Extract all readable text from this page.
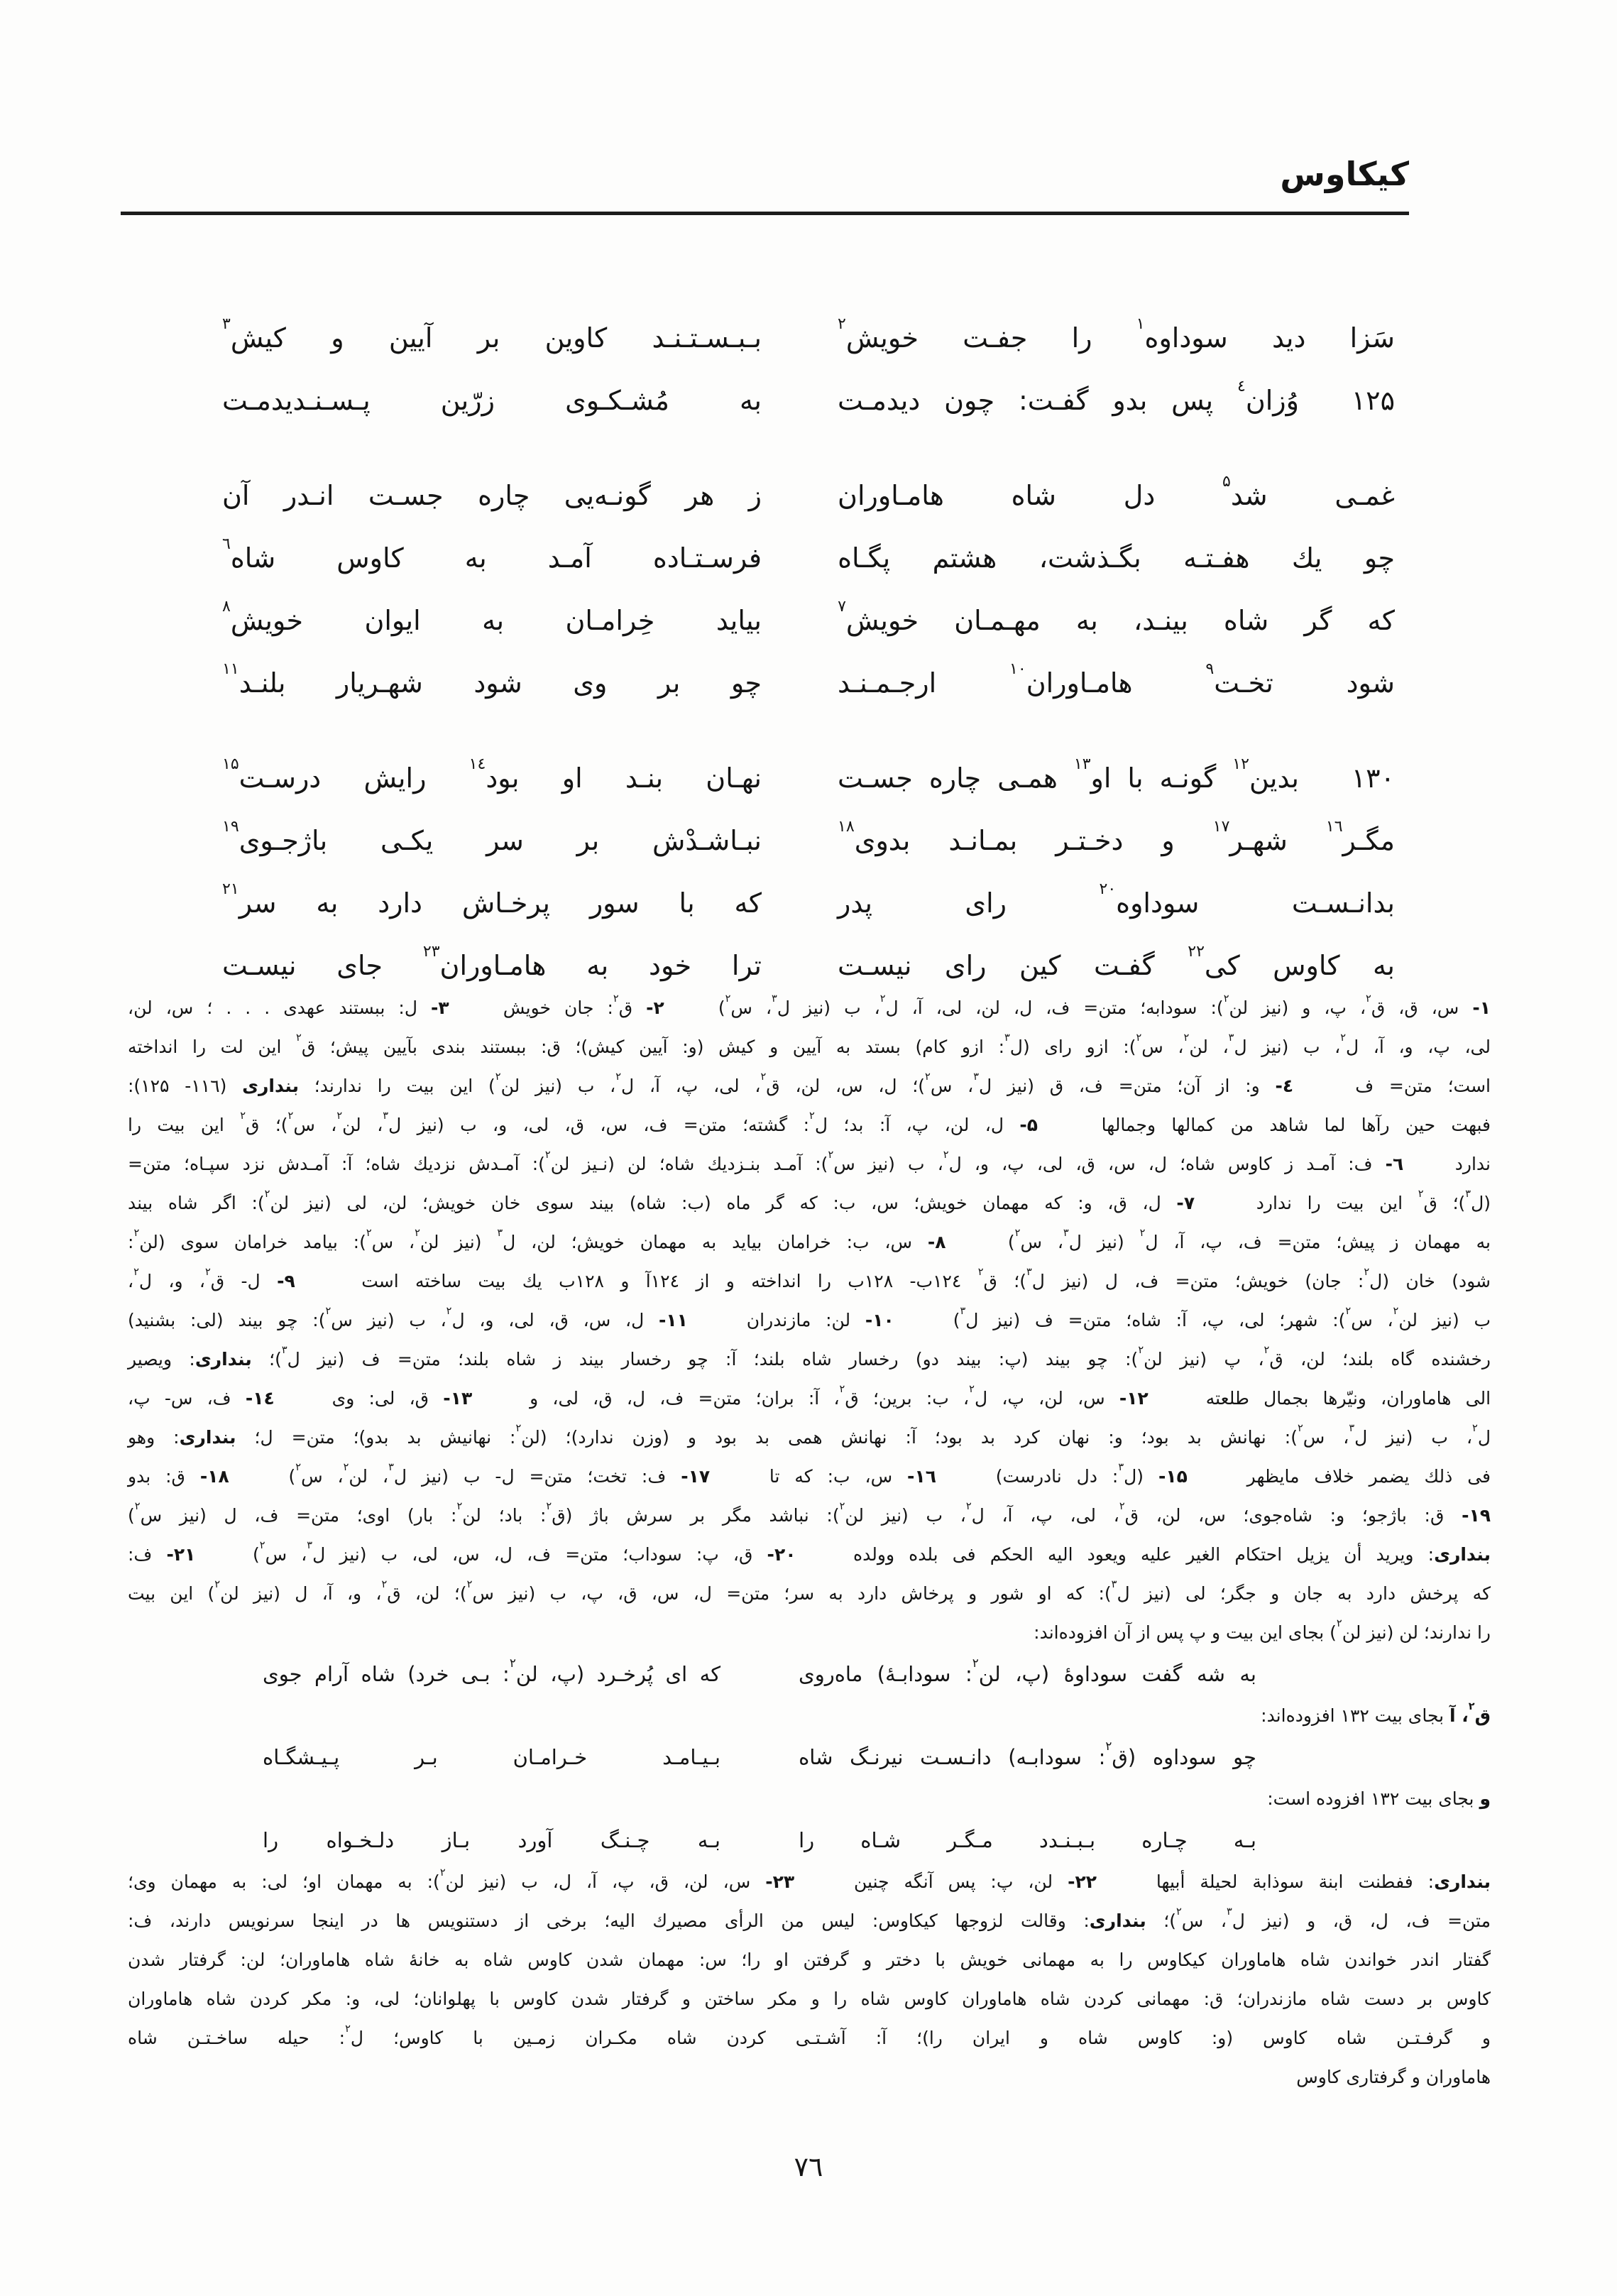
کیکاوس
سَزا
دید
سوداوه$^١$
را
جفـت
خویش$^٢$
بـبـسـتـنـد
کاوین
بر
آیین
و
کیش$^٣$
١٢۵
وُزان$^٤$
پس
بدو
گفـت:
چون
دیدمـت
به
مُشـکـوی
زرّین
پـسـنـدیدمـت
غمـی
شد$^۵$
دل
شاه
هامـاوران
ز
هر
گونـه‌یی
چاره
جسـت
انـدر
آن
چو
یك
هفـتـه
بگـذشت،
هشتم
پگـاه
فرسـتـاده
آمـد
به
کاوس
شاه$^٦$
که
گر
شاه
بینـد،
به
مهـمـان
خویش$^٧$
بیاید
خِرامـان
به
ایوان
خویش$^٨$
شود
تخـت$^٩$
هامـاوران$^{١٠}$
ارجـمـنـد
چو
بر
وی
شود
شهـریار
بلنـد$^{١١}$
١٣٠
بدین$^{١٢}$
گونـه
با
او$^{١٣}$
همـی
چاره
جسـت
نهـان
بنـد
او
بود$^{١٤}$
رایش
درسـت$^{١۵}$
مگـر$^{١٦}$
شهـر$^{١٧}$
و
دخـتـر
بمـانـد
بدوی$^{١٨}$
نبـاشـدْش
بر
سر
یکـی
باژجـوی$^{١٩}$
بدانـسـت
سوداوه$^{٢٠}$
رای
پدر
که
با
سور
پرخـاش
دارد
به
سر$^{٢١}$
به
کاوس
کی$^{٢٢}$
گفـت
کین
رای
نیسـت
ترا
خود
به
هامـاوران$^{٢٣}$
جای
نیسـت
١- س، ق، ق$^٢$، پ، و (نیز لن$^٢$): سودابه؛ متن= ف، ل، لن، لی، آ، ل$^٢$، ب (نیز ل$^٣$، س$^٢$)    ٢- ق$^٢$: جان خویش    ٣- ل: ببستند عهدی . . . ؛ س، لن،
لی، پ، و، آ، ل$^٢$، ب (نیز ل$^٣$، لن$^٢$، س$^٢$): ازو رای (ل$^٣$: ازو کام) بستد به آیین و کیش (و: آیین کیش)؛ ق: ببستند بندی بآیین پیش؛ ق$^٢$ این لت را انداخته
است؛ متن= ف    ٤- و: از آن؛ متن= ف، ق (نیز ل$^٣$، س$^٢$)؛ ل، س، لن، ق$^٢$، لی، پ، آ، ل$^٢$، ب (نیز لن$^٢$) این بیت را ندارند؛ بنداری (١١٦- ١٢۵):
فبهت حین رآها لما شاهد من کمالها وجمالها    ۵- ل، لن، پ، آ: بد؛ ل$^٢$: گشته؛ متن= ف، س، ق، لی، و، ب (نیز ل$^٣$، لن$^٢$، س$^٢$)؛ ق$^٢$ این بیت را
ندارد    ٦- ف: آمـد ز کاوس شاه؛ ل، س، ق، لی، پ، و، ل$^٢$، ب (نیز س$^٢$): آمـد بنـزدیك شاه؛ لن (نـیز لن$^٢$): آمـدش نزدیك شاه؛ آ: آمـدش نزد سپـاه؛ متن=
(ل$^٣$)؛ ق$^٢$ این بیت را ندارد    ٧- ل، ق، و: که مهمان خویش؛ س، ب: که گر ماه (ب: شاه) بیند سوی خان خویش؛ لن، لی (نیز لن$^٢$): اگر شاه بیند
به مهمان ز پیش؛ متن= ف، پ، آ، ل$^٢$ (نیز ل$^٣$، س$^٢$)    ٨- س، ب: خرامان بیاید به مهمان خویش؛ لن، ل$^٣$ (نیز لن$^٢$، س$^٢$): بیامد خرامان سوی (لن$^٢$:
شود) خان (ل$^٢$: جان) خویش؛ متن= ف، ل (نیز ل$^٣$)؛ ق$^٢$ ١٢٤ب- ١٢٨ب را انداخته و از ١٢٤آ و ١٢٨ب یك بیت ساخته است    ٩- ل- ق$^٢$، و، ل$^٢$،
ب (نیز لن$^٢$، س$^٢$): شهر؛ لی، پ، آ: شاه؛ متن= ف (نیز ل$^٣$)    ١٠- لن: مازندران    ١١- ل، س، ق، لی، و، ل$^٢$، ب (نیز س$^٢$): چو بیند (لی: بشنید)
رخشنده گاه بلند؛ لن، ق$^٢$، پ (نیز لن$^٢$): چو بیند (پ: بیند دو) رخسار شاه بلند؛ آ: چو رخسار بیند ز شاه بلند؛ متن= ف (نیز ل$^٣$)؛ بنداری: ویصیر
الی هاماوران، ونیّرها بجمال طلعته    ١٢- س، لن، پ، ل$^٢$، ب: برین؛ ق$^٢$، آ: بران؛ متن= ف، ل، ق، لی، و    ١٣- ق، لی: وی    ١٤- ف، س- پ،
ل$^٢$، ب (نیز ل$^٣$، س$^٢$): نهانش بد بود؛ و: نهان کرد بد بود؛ آ: نهانش همی بد بود و (وزن ندارد)؛ (لن$^٢$: نهانیش بد بدو)؛ متن= ل؛ بنداری: وهو
فی ذلك یضمر خلاف مایظهر    ١۵- (ل$^٣$: دل نادرست)    ١٦- س، ب: که تا    ١٧- ف: تخت؛ متن= ل- ب (نیز ل$^٣$، لن$^٢$، س$^٢$)    ١٨- ق: بدو
١٩- ق: باژجو؛ و: شاه‌جوی؛ س، لن، ق$^٢$، لی، پ، آ، ل$^٢$، ب (نیز لن$^٢$): نباشد مگر بر سرش باژ (ق$^٢$: باد؛ لن$^٢$: بار) اوی؛ متن= ف، ل (نیز س$^٢$)
بنداری: ویرید أن یزیل احتکام الغیر علیه ویعود الیه الحکم فی بلده وولده    ٢٠- ق، پ: سوداب؛ متن= ف، ل، س، لی، ب (نیز ل$^٣$، س$^٢$)    ٢١- ف:
که پرخش دارد به جان و جگر؛ لی (نیز ل$^٣$): که او شور و پرخاش دارد به سر؛ متن= ل، س، ق، پ، ب (نیز س$^٢$)؛ لن، ق$^٢$، و، آ، ل (نیز لن$^٢$) این بیت
را ندارند؛ لن (نیز لن$^٢$) بجای این بیت و پ پس از آن افزوده‌اند:
به
شه
گفت
سوداوهٔ
(پ،
لن$^٢$:
سودابـهٔ)
ماه‌روی
که
ای
پُرخـرد
(پ،
لن$^٢$:
بـی
خرد)
شاه
آرام
جوی
ق$^٢$، آ بجای بیت ١٣٢ افزوده‌اند:
چو
سوداوه
(ق$^٢$:
سودابـه)
دانـسـت
نیرنـگ
شاه
بـیـامـد
خـرامـان
بـر
پـیـشگـاه
و بجای بیت ١٣٢ افزوده است:
بـه
چـاره
بـبـنـدد
مـگـر
شـاه
را
بـه
چـنـگ
آورد
بـاز
دلـخـواه
را
بنداری: ففطنت ابنة سوذابة لحیلة أبیها    ٢٢- لن، پ: پس آنگه چنین    ٢٣- س، لن، ق، پ، آ، ل، ب (نیز لن$^٢$): به مهمان او؛ لی: به مهمان وی؛
متن= ف، ل، ق، و (نیز ل$^٣$، س$^٢$)؛ بنداری: وقالت لزوجها کیکاوس: لیس من الرأی مصیرك الیه؛ برخی از دستنویس ها در اینجا سرنویس دارند، ف:
گفتار اندر خواندن شاه هاماوران کیکاوس را به مهمانی خویش با دختر و گرفتن او را؛ س: مهمان شدن کاوس شاه به خانهٔ شاه هاماوران؛ لن: گرفتار شدن
کاوس بر دست شاه مازندران؛ ق: مهمانی کردن شاه هاماوران کاوس شاه را و مکر ساختن و گرفتار شدن کاوس با پهلوانان؛ لی، و: مکر کردن شاه هاماوران
و گرفـتـن شاه کاوس (و: کاوس شاه و ایران را)؛ آ: آشـتـی کردن شاه مکـران زمـین با کاوس؛ ل$^٢$: حیله ساخـتـن شاه
هاماوران و گرفتاری کاوس
٧٦
